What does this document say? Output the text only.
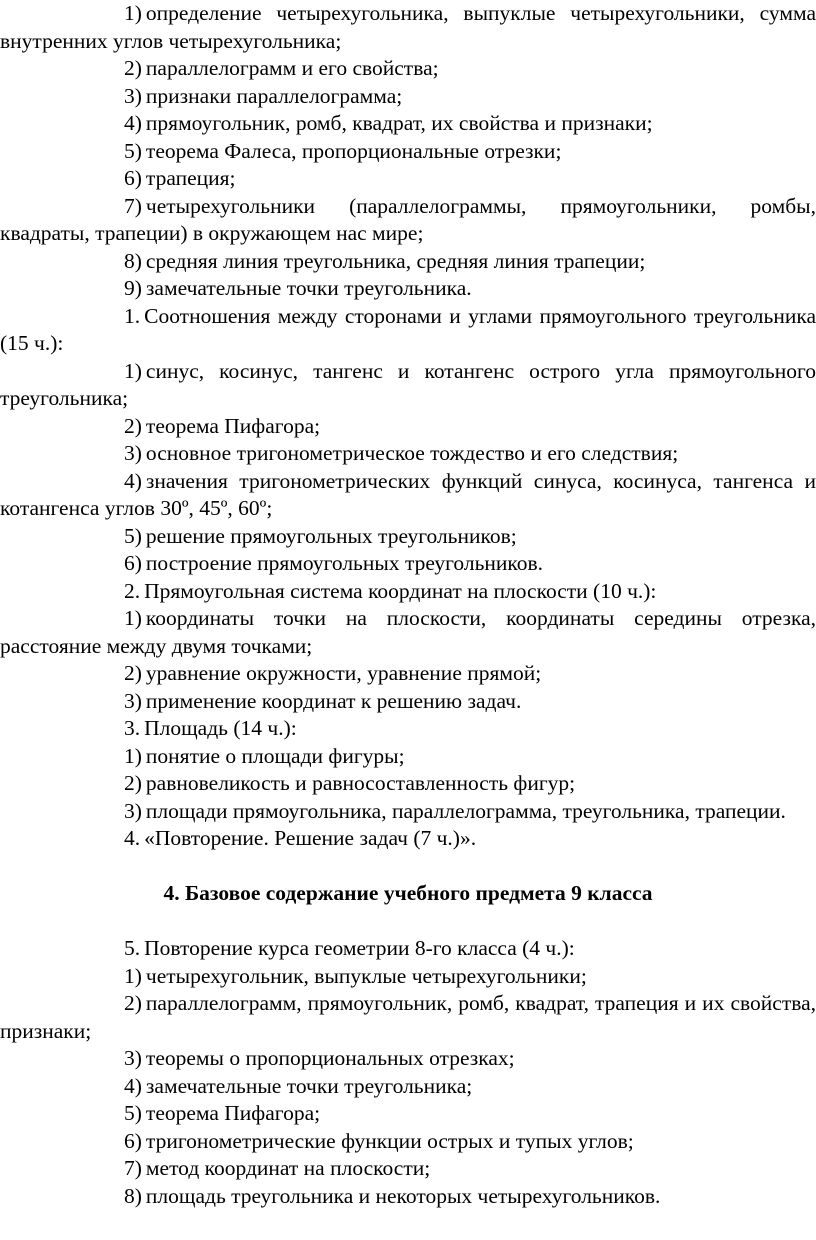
1) определение четырехугольника, выпуклые четырехугольники, сумма внутренних углов четырехугольника;

2) параллелограмм и его свойства;

3) признаки параллелограмма;

4) прямоугольник, ромб, квадрат, их свойства и признаки;

5) теорема Фалеса, пропорциональные отрезки;

6) трапеция;

7) четырехугольники (параллелограммы, прямоугольники, ромбы, квадраты, трапеции) в окружающем нас мире;

8) средняя линия треугольника, средняя линия трапеции;

9) замечательные точки треугольника.

1. Соотношения между сторонами и углами прямоугольного треугольника (15 ч.):

1) синус, косинус, тангенс и котангенс острого угла прямоугольного треугольника;

2) теорема Пифагора;

3) основное тригонометрическое тождество и его следствия;

4) значения тригонометрических функций синуса, косинуса, тангенса и котангенса углов 30º, 45º, 60º;

5) решение прямоугольных треугольников;

6) построение прямоугольных треугольников.

2. Прямоугольная система координат на плоскости (10 ч.):

1) координаты точки на плоскости, координаты середины отрезка, расстояние между двумя точками;

2) уравнение окружности, уравнение прямой;

3) применение координат к решению задач.

3. Площадь (14 ч.):

1) понятие о площади фигуры;

2) равновеликость и равносоставленность фигур;

3) площади прямоугольника, параллелограмма, треугольника, трапеции.

4. «Повторение. Решение задач (7 ч.)».

4. Базовое содержание учебного предмета 9 класса

5. Повторение курса геометрии 8-го класса (4 ч.):

1) четырехугольник, выпуклые четырехугольники;

2) параллелограмм, прямоугольник, ромб, квадрат, трапеция и их свойства, признаки;

3) теоремы о пропорциональных отрезках;

4) замечательные точки треугольника;

5) теорема Пифагора;

6) тригонометрические функции острых и тупых углов;

7) метод координат на плоскости;

8) площадь треугольника и некоторых четырехугольников.
